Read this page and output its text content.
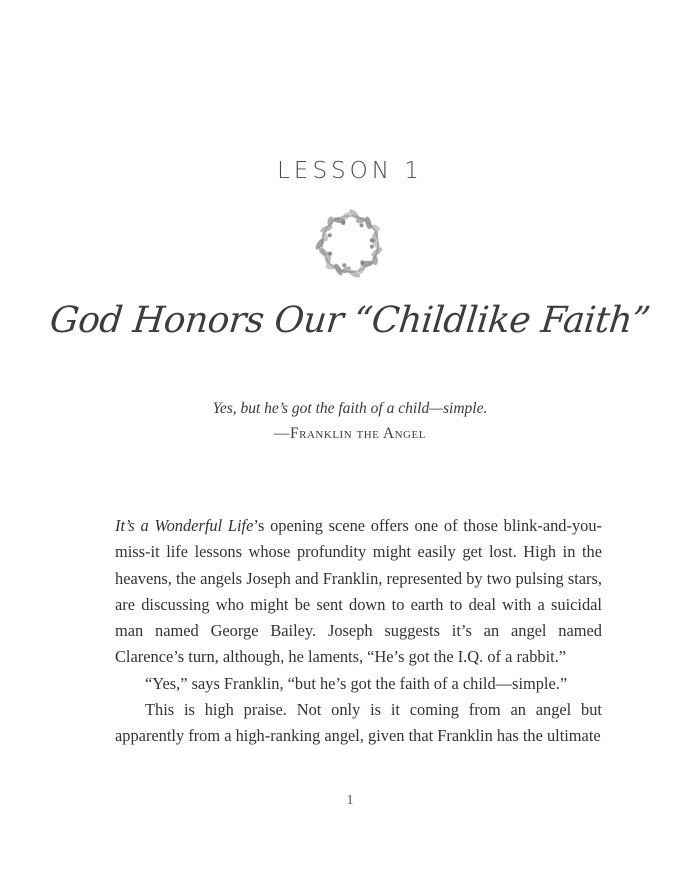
LESSON 1
God Honors Our “Childlike Faith”
Yes, but he’s got the faith of a child—simple.
—Franklin the Angel

It’s a Wonderful Life’s opening scene offers one of those blink-and-you-miss-it life lessons whose profundity might easily get lost. High in the heavens, the angels Joseph and Franklin, represented by two pulsing stars, are discussing who might be sent down to earth to deal with a suicidal man named George Bailey. Joseph suggests it’s an angel named Clarence’s turn, although, he laments, “He’s got the I.Q. of a rabbit.”

“Yes,” says Franklin, “but he’s got the faith of a child—simple.”

This is high praise. Not only is it coming from an angel but apparently from a high-ranking angel, given that Franklin has the ultimate

1
